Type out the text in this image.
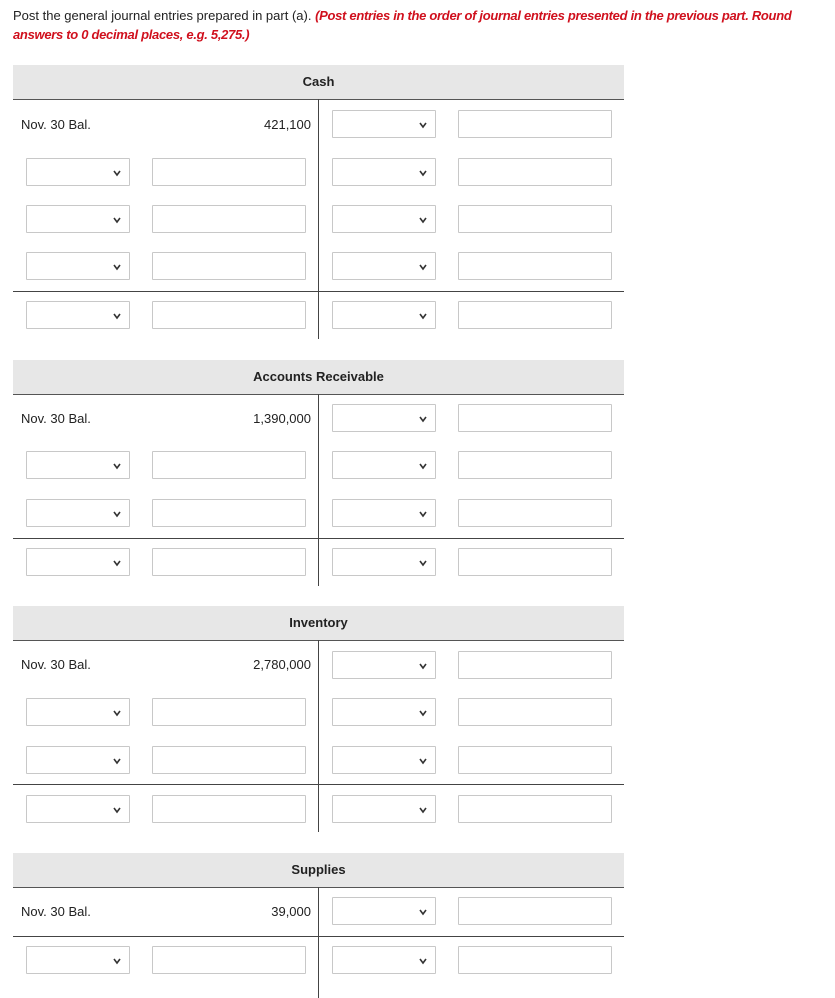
Post the general journal entries prepared in part (a). (Post entries in the order of journal entries presented in the previous part. Round answers to 0 decimal places, e.g. 5,275.)
Cash
Nov. 30 Bal.	421,100
Accounts Receivable
Nov. 30 Bal.	1,390,000
Inventory
Nov. 30 Bal.	2,780,000
Supplies
Nov. 30 Bal.	39,000
